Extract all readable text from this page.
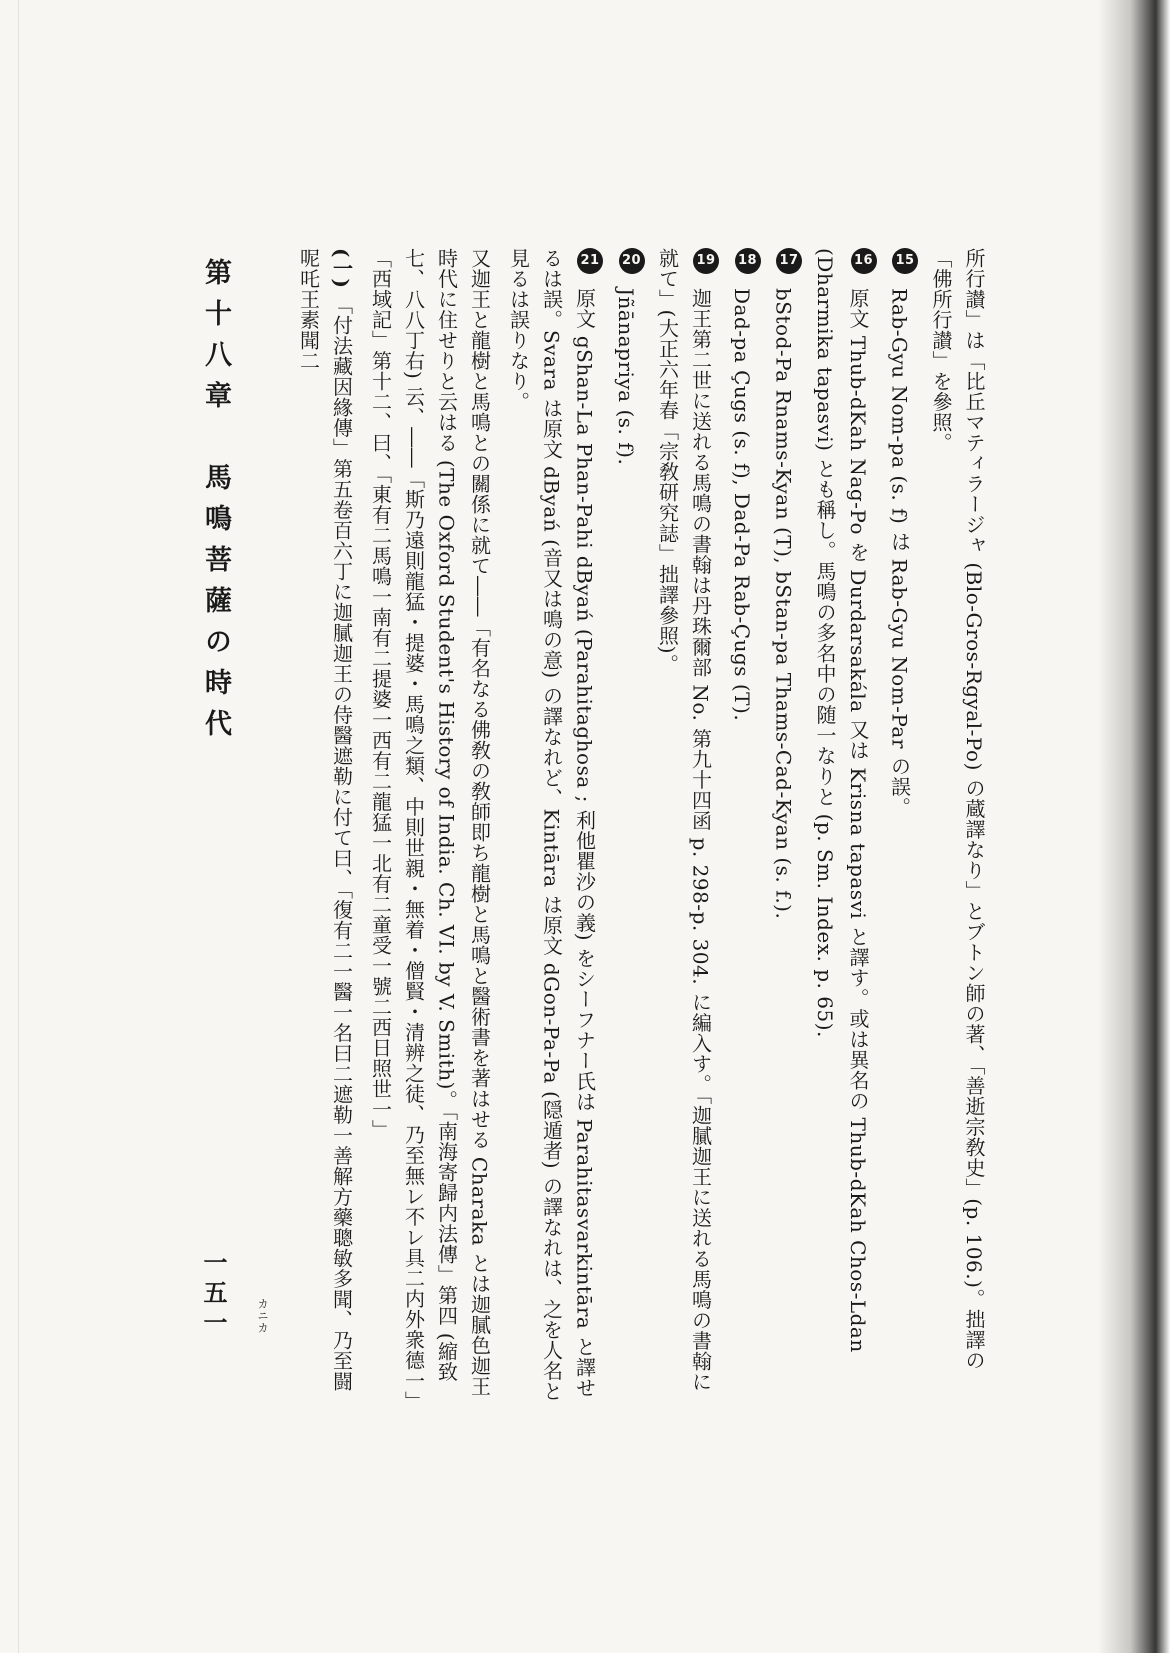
第十八章　馬鳴菩薩の時代
一五一	カニカ	所行讃」は「比丘マティラージャ (Blo-Gros-Rgyal-Po) の蔵譯なり」とブトン師の著、「善逝宗敎史」(p. 106.)。拙譯の「佛所行讃」を參照。

15Rab-Gyu Nom-pa (s. f) は Rab-Gyu Nom-Par の誤。

16原文 Thub-dKah Nag-Po を Durdarsakála 又は Krisna tapasvi と譯す。或は異名の Thub-dKah Chos-Ldan (Dharmika tapasvi) とも稱し。馬鳴の多名中の随一なりと (p. Sm. Index. p. 65).

17bStod-Pa Rnams-Kyan (T), bStan-pa Thams-Cad-Kyan (s. f.).

18Dad-pa Çugs (s. f), Dad-Pa Rab-Çugs (T).

19迦王第二世に送れる馬鳴の書翰は丹珠爾部 No. 第九十四函 p. 298-p. 304. に編入す。「迦膩迦王に送れる馬鳴の書翰に就て」(大正六年春「宗敎研究誌」拙譯參照)。

20Jñānapriya (s. f).

21原文 gShan-La Phan-Pahi dByań (Parahitaghosa ; 利他瞿沙の義) をシーフナー氏は Parahitasvarkintāra と譯せるは誤。Svara は原文 dByań (音又は鳴の意) の譯なれど、Kintāra は原文 dGon-Pa-Pa (隠遁者) の譯なれは、之を人名と見るは誤りなり。

又迦王と龍樹と馬鳴との關係に就て――「有名なる佛敎の敎師即ち龍樹と馬鳴と醫術書を著はせる Charaka とは迦膩色迦王時代に住せりと云はる (The Oxford Student's History of India. Ch. VI. by V. Smith)。「南海寄歸内法傳」第四 (縮致七、八八丁右) 云、――「斯乃遠則龍猛・提婆・馬鳴之類、中則世親・無着・僧賢・清辨之徒、乃至無レ不レ具二内外衆德一」「西域記」第十二、曰、「東有二馬鳴一南有二提婆一西有二龍猛一北有二童受一號二西日照世一」

(一)「付法藏因緣傳」第五卷百六丁に迦膩迦王の侍醫遮勒に付て曰、「復有二一醫一名曰二遮勒一善解方藥聰敏多聞、乃至闘呢吒王素聞二
